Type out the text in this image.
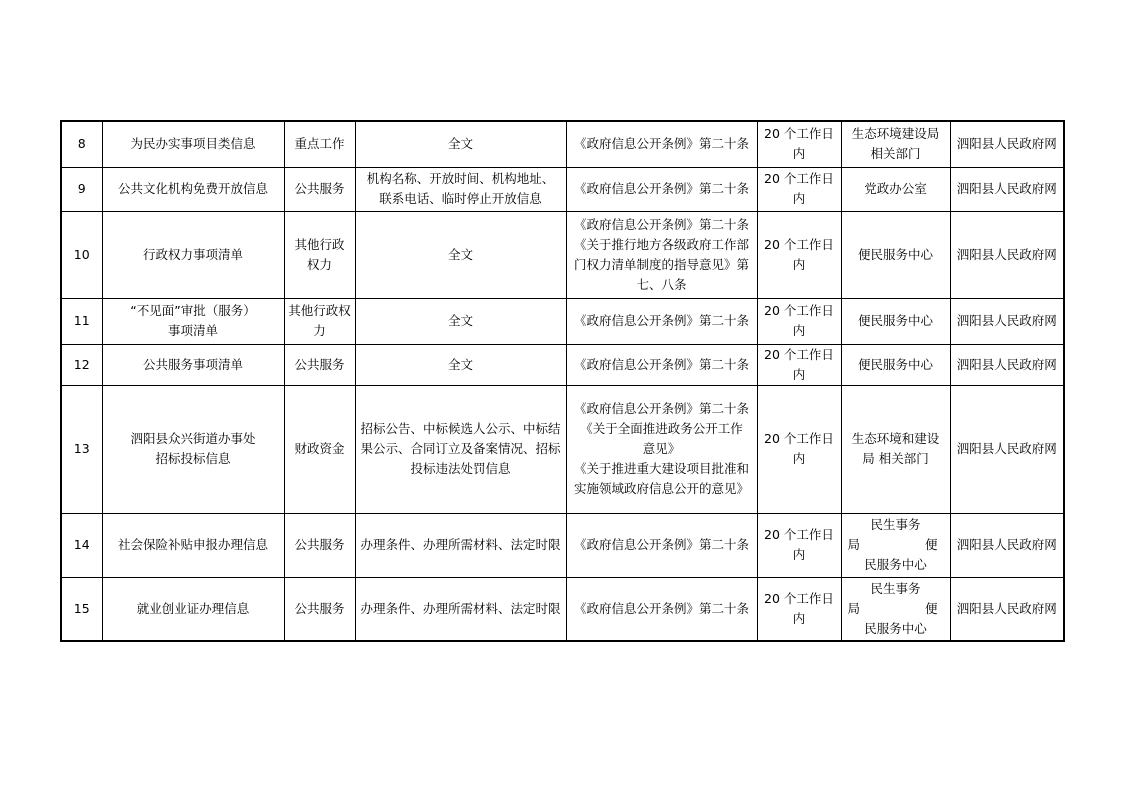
8	为民办实事项目类信息	重点工作	全文	《政府信息公开条例》第二十条	20 个工作日内	生态环境建设局
相关部门	泗阳县人民政府网
9	公共文化机构免费开放信息	公共服务	机构名称、开放时间、机构地址、
联系电话、临时停止开放信息	《政府信息公开条例》第二十条	20 个工作日内	党政办公室	泗阳县人民政府网
10	行政权力事项清单	其他行政
权力	全文	《政府信息公开条例》第二十条
《关于推行地方各级政府工作部
门权力清单制度的指导意见》第
七、八条	20 个工作日内	便民服务中心	泗阳县人民政府网
11	“不见面”审批（服务）
事项清单	其他行政权
力	全文	《政府信息公开条例》第二十条	20 个工作日内	便民服务中心	泗阳县人民政府网
12	公共服务事项清单	公共服务	全文	《政府信息公开条例》第二十条	20 个工作日内	便民服务中心	泗阳县人民政府网
13	泗阳县众兴街道办事处
招标投标信息	财政资金	招标公告、中标候选人公示、中标结
果公示、合同订立及备案情况、招标
投标违法处罚信息	《政府信息公开条例》第二十条
《关于全面推进政务公开工作
意见》
《关于推进重大建设项目批准和
实施领域政府信息公开的意见》	20 个工作日内	生态环境和建设
局 相关部门	泗阳县人民政府网
14	社会保险补贴申报办理信息	公共服务	办理条件、办理所需材料、法定时限	《政府信息公开条例》第二十条	20 个工作日内	民生事务
局 便
民服务中心	泗阳县人民政府网
15	就业创业证办理信息	公共服务	办理条件、办理所需材料、法定时限	《政府信息公开条例》第二十条	20 个工作日内	民生事务
局 便
民服务中心	泗阳县人民政府网
